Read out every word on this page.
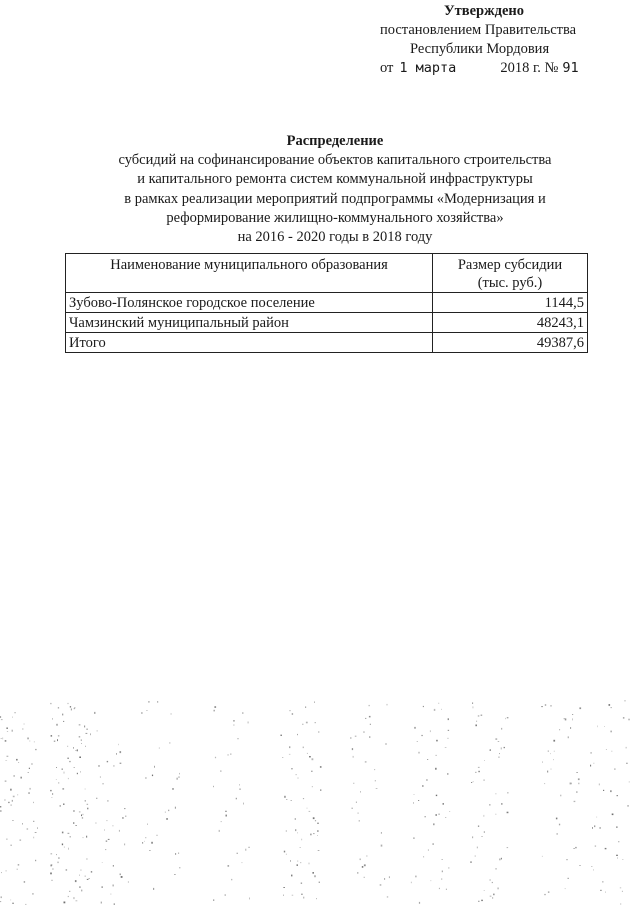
Утверждено
постановлением Правительства
Республики Мордовия
от 1 марта	2018 г. № 91
Распределение
субсидий на софинансирование объектов капитального строительства
и капитального ремонта систем коммунальной инфраструктуры
в рамках реализации мероприятий подпрограммы «Модернизация и
реформирование жилищно-коммунального хозяйства»
на 2016 - 2020 годы в 2018 году
Наименование муниципального образования	Размер субсидии
(тыс. руб.)
Зубово-Полянское городское поселение	1144,5
Чамзинский муниципальный район	48243,1
Итого	49387,6
